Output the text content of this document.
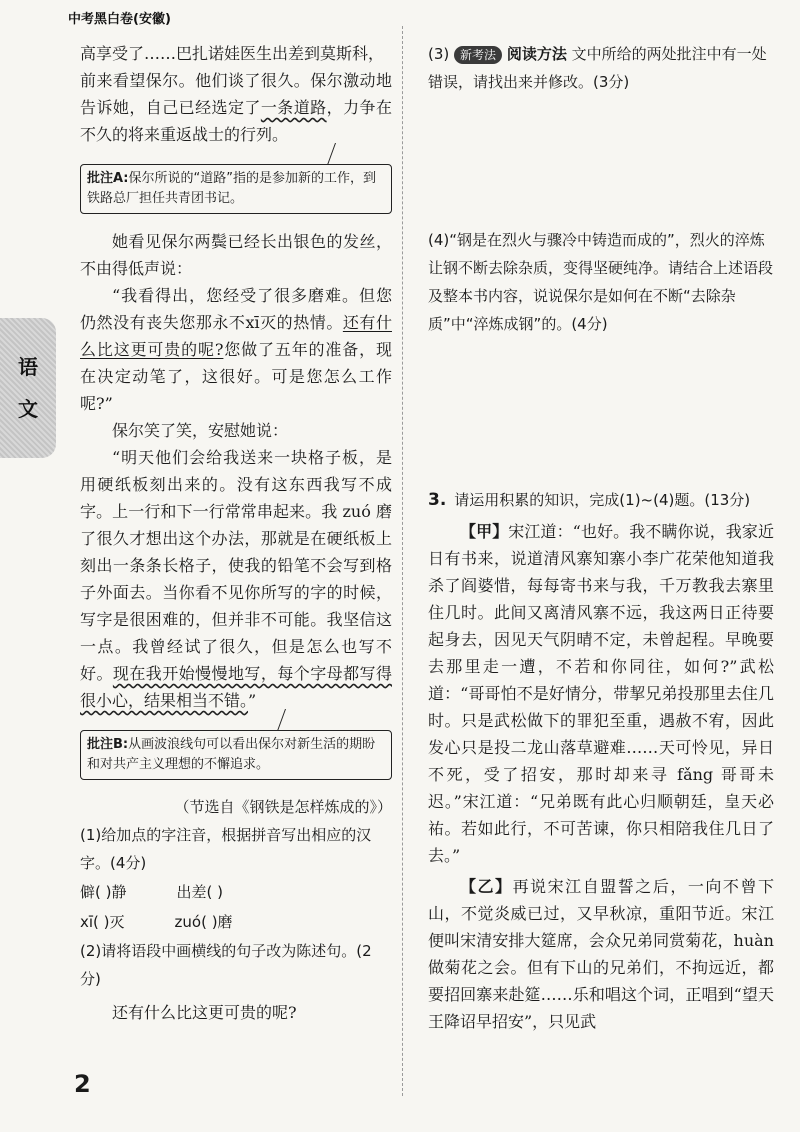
中考黑白卷(安徽)
语
文

高享受了……巴扎诺娃医生出差到莫斯科，

前来看望保尔。他们谈了很久。保尔激动地告诉她，自己已经选定了一条道路，力争在不久的将来重返战士的行列。

批注A:保尔所说的“道路”指的是参加新的工作，到铁路总厂担任共青团书记。

她看见保尔两鬓已经长出银色的发丝，不由得低声说：

“我看得出，您经受了很多磨难。但您仍然没有丧失您那永不xī灭的热情。还有什么比这更可贵的呢?您做了五年的准备，现在决定动笔了，这很好。可是您怎么工作呢?”

保尔笑了笑，安慰她说：

“明天他们会给我送来一块格子板，是用硬纸板刻出来的。没有这东西我写不成字。上一行和下一行常常串起来。我 zuó 磨了很久才想出这个办法，那就是在硬纸板上刻出一条条长格子，使我的铅笔不会写到格子外面去。当你看不见你所写的字的时候，写字是很困难的，但并非不可能。我坚信这一点。我曾经试了很久，但是怎么也写不好。现在我开始慢慢地写，每个字母都写得很小心，结果相当不错。”

批注B:从画波浪线句可以看出保尔对新生活的期盼和对共产主义理想的不懈追求。

（节选自《钢铁是怎样炼成的》）

(1)给加点的字注音，根据拼音写出相应的汉字。(4分)

僻( )静	出差( )
xī( )灭	zuó( )磨

(2)请将语段中画横线的句子改为陈述句。(2分)

还有什么比这更可贵的呢?

(3) 新考法 阅读方法 文中所给的两处批注中有一处错误，请找出来并修改。(3分)

(4)“钢是在烈火与骤冷中铸造而成的”，烈火的淬炼让钢不断去除杂质，变得坚硬纯净。请结合上述语段及整本书内容，说说保尔是如何在不断“去除杂质”中“淬炼成钢”的。(4分)

3. 请运用积累的知识，完成(1)~(4)题。(13分)

【甲】宋江道：“也好。我不瞒你说，我家近日有书来，说道清风寨知寨小李广花荣他知道我杀了阎婆惜，每每寄书来与我，千万教我去寨里住几时。此间又离清风寨不远，我这两日正待要起身去，因见天气阴晴不定，未曾起程。早晚要去那里走一遭，不若和你同往，如何?”武松道：“哥哥怕不是好情分，带挈兄弟投那里去住几时。只是武松做下的罪犯至重，遇赦不宥，因此发心只是投二龙山落草避难……天可怜见，异日不死，受了招安，那时却来寻 fǎng 哥哥未迟。”宋江道：“兄弟既有此心归顺朝廷，皇天必祐。若如此行，不可苦谏，你只相陪我住几日了去。”

【乙】再说宋江自盟誓之后，一向不曾下山，不觉炎威已过，又早秋凉，重阳节近。宋江便叫宋清安排大筵席，会众兄弟同赏菊花，huàn 做菊花之会。但有下山的兄弟们，不拘远近，都要招回寨来赴筵……乐和唱这个词，正唱到“望天王降诏早招安”，只见武

2
